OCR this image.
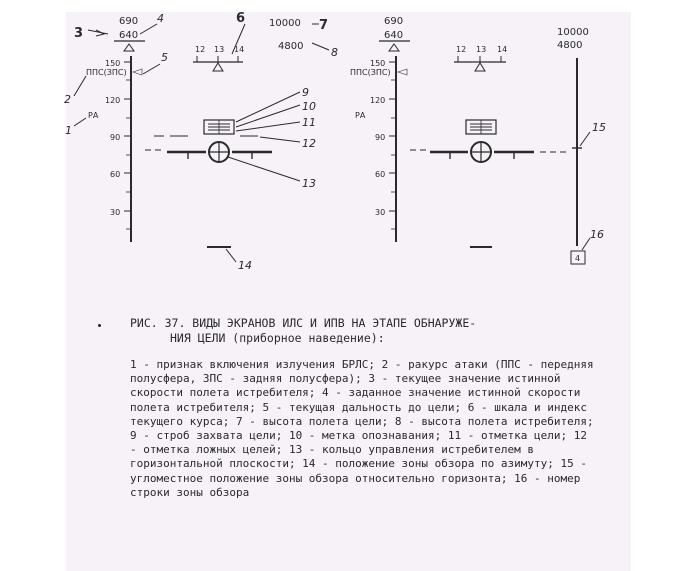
690
640
150
ППС(ЗПС)
120
РА
90
60
30
12 13 14
10000
4800
3
4
5
6	7
8
2
1
9
10
11
12
13
14
690
640
150
ППС(ЗПС)
120
РА
90
60
30
12 13 14
10000
4800
4
15
16

РИС. 37. ВИДЫ ЭКРАНОВ ИЛС И ИПВ НА ЭТАПЕ ОБНАРУЖЕ-
НИЯ ЦЕЛИ (приборное наведение):

1 - признак включения излучения БРЛС; 2 - ракурс атаки (ППС - передняя полусфера, ЗПС - задняя полусфера); 3 - текущее значение истинной скорости полета истребителя; 4 - заданное значение истинной скорости полета истребителя; 5 - текущая дальность до цели; 6 - шкала и индекс текущего курса; 7 - высота полета цели; 8 - высота полета истребителя; 9 - строб захвата цели; 10 - метка опознавания; 11 - отметка цели; 12 - отметка ложных целей; 13 - кольцо управления истребителем в горизонтальной плоскости; 14 - положение зоны обзора по азимуту; 15 - угломестное положение зоны обзора относительно горизонта; 16 - номер строки зоны обзора
